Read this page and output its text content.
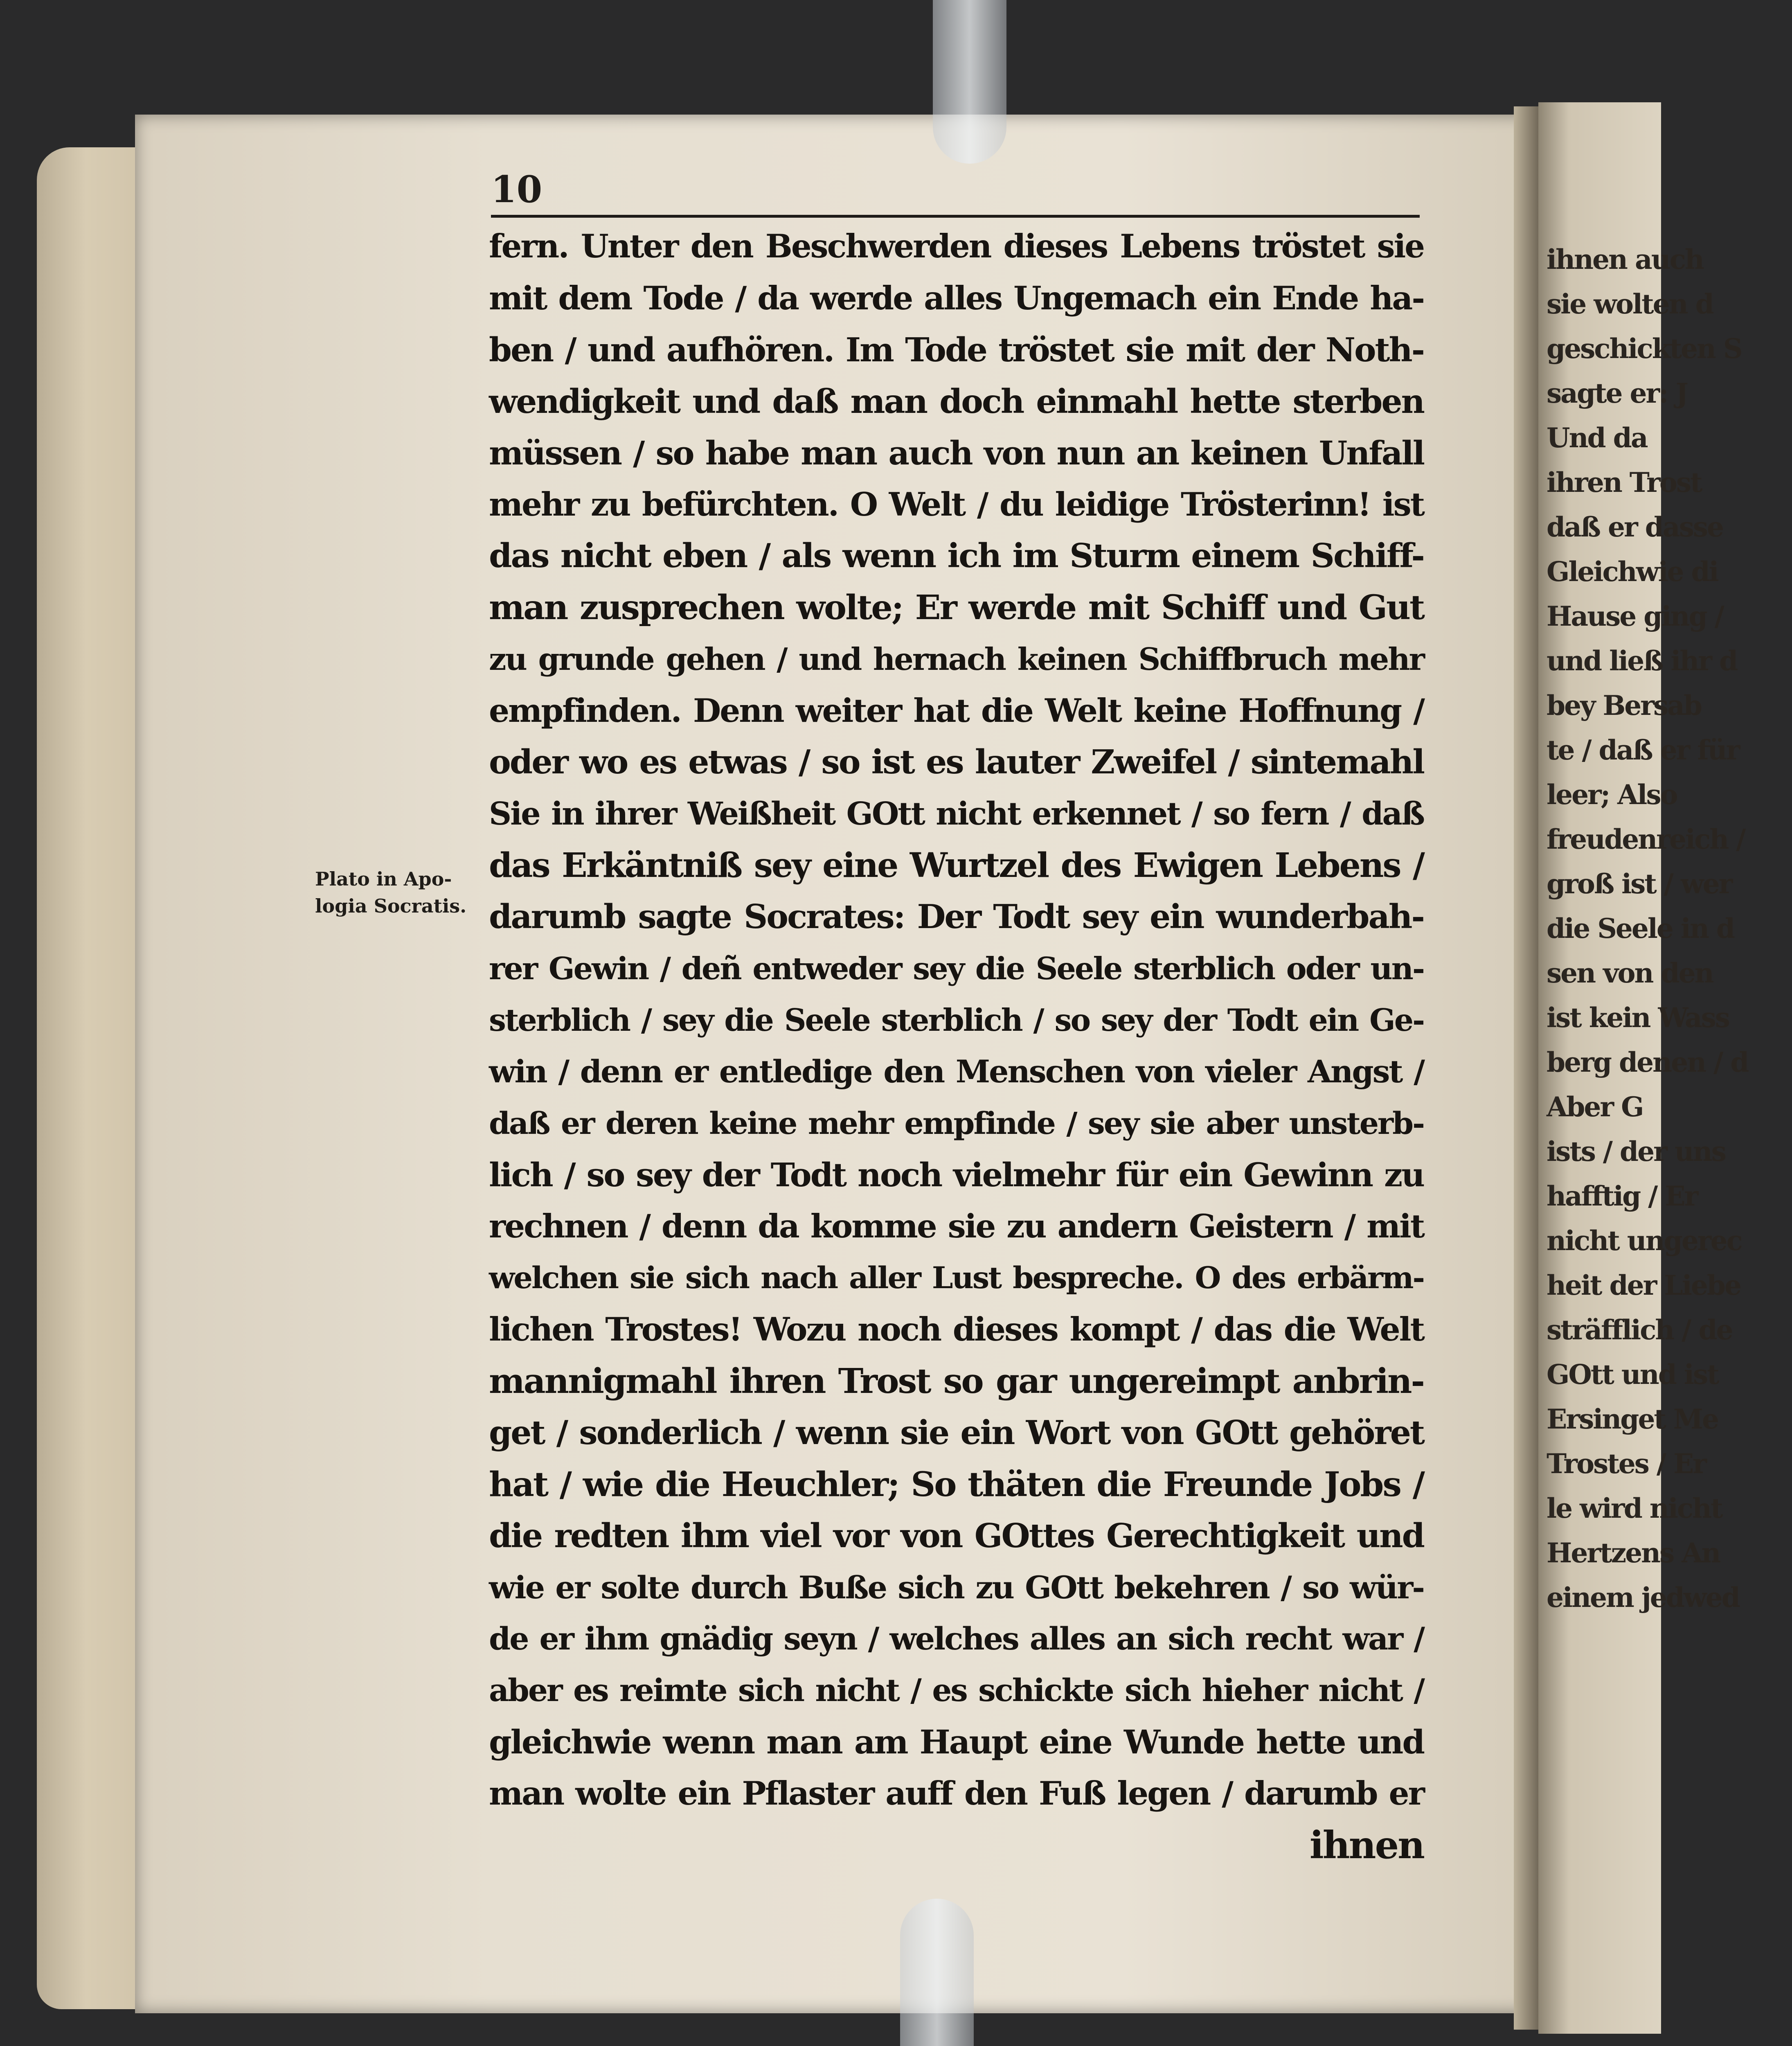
ihnen auch
sie wolten d
geschickten S
sagte er: J
Und da
ihren Trost
daß er dasse
Gleichwie di
Hause ging /
und ließ ihr d
bey Bersab
te / daß er für
leer; Also
freudenreich /
groß ist / wer
die Seele in d
sen von den
ist kein Wass
berg denen / d
Aber G
ists / der uns
hafftig / Er
nicht ungerec
heit der Liebe
sträfflich / de
GOtt und ist
Ersinget Me
Trostes / Er
le wird nicht
Hertzens An
einem jedwed
10
Plato in Apo-
logia Socratis.
fern. Unter den Beschwerden dieses Lebens tröstet sie
mit dem Tode / da werde alles Ungemach ein Ende ha-
ben / und aufhören. Im Tode tröstet sie mit der Noth-
wendigkeit und daß man doch einmahl hette sterben
müssen / so habe man auch von nun an keinen Unfall
mehr zu befürchten. O Welt / du leidige Trösterinn! ist
das nicht eben / als wenn ich im Sturm einem Schiff-
man zusprechen wolte; Er werde mit Schiff und Gut
zu grunde gehen / und hernach keinen Schiffbruch mehr
empfinden. Denn weiter hat die Welt keine Hoffnung /
oder wo es etwas / so ist es lauter Zweifel / sintemahl
Sie in ihrer Weißheit GOtt nicht erkennet / so fern / daß
das Erkäntniß sey eine Wurtzel des Ewigen Lebens /
darumb sagte Socrates: Der Todt sey ein wunderbah-
rer Gewin / deñ entweder sey die Seele sterblich oder un-
sterblich / sey die Seele sterblich / so sey der Todt ein Ge-
win / denn er entledige den Menschen von vieler Angst /
daß er deren keine mehr empfinde / sey sie aber unsterb-
lich / so sey der Todt noch vielmehr für ein Gewinn zu
rechnen / denn da komme sie zu andern Geistern / mit
welchen sie sich nach aller Lust bespreche. O des erbärm-
lichen Trostes! Wozu noch dieses kompt / das die Welt
mannigmahl ihren Trost so gar ungereimpt anbrin-
get / sonderlich / wenn sie ein Wort von GOtt gehöret
hat / wie die Heuchler; So thäten die Freunde Jobs /
die redten ihm viel vor von GOttes Gerechtigkeit und
wie er solte durch Buße sich zu GOtt bekehren / so wür-
de er ihm gnädig seyn / welches alles an sich recht war /
aber es reimte sich nicht / es schickte sich hieher nicht /
gleichwie wenn man am Haupt eine Wunde hette und
man wolte ein Pflaster auff den Fuß legen / darumb er
ihnen
